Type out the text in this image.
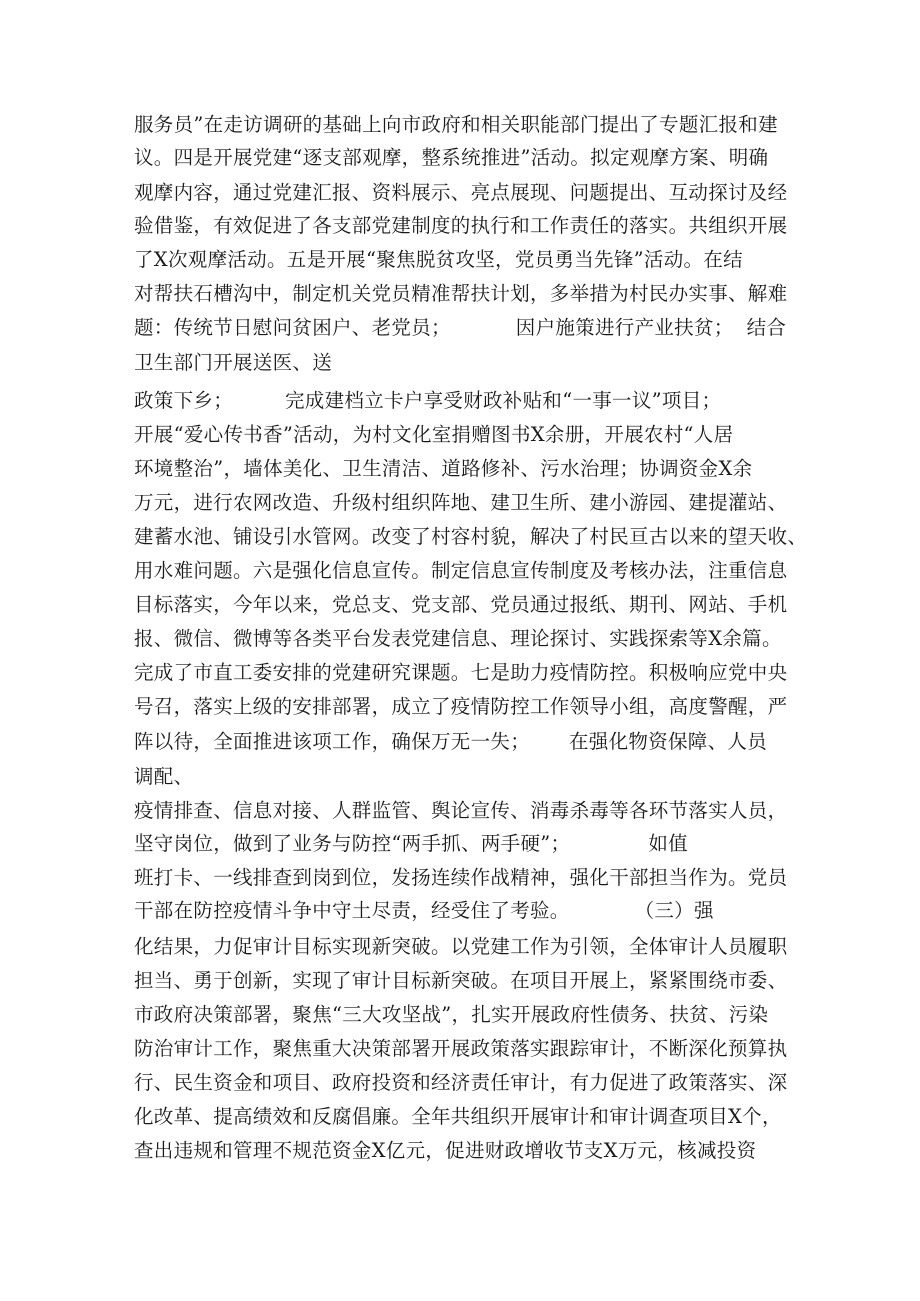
服务员”在走访调研的基础上向市政府和相关职能部门提出了专题汇报和建
议。四是开展党建“逐支部观摩，整系统推进”活动。拟定观摩方案、明确
观摩内容，通过党建汇报、资料展示、亮点展现、问题提出、互动探讨及经
验借鉴，有效促进了各支部党建制度的执行和工作责任的落实。共组织开展
了X次观摩活动。五是开展“聚焦脱贫攻坚，党员勇当先锋”活动。在结
对帮扶石槽沟中，制定机关党员精准帮扶计划，多举措为村民办实事、解难
题：传统节日慰问贫困户、老党员；          因户施策进行产业扶贫；  结合
卫生部门开展送医、送
政策下乡；        完成建档立卡户享受财政补贴和“一事一议”项目；
开展“爱心传书香”活动，为村文化室捐赠图书X余册，开展农村“人居
环境整治”，墙体美化、卫生清洁、道路修补、污水治理；协调资金X余
万元，进行农网改造、升级村组织阵地、建卫生所、建小游园、建提灌站、
建蓄水池、铺设引水管网。改变了村容村貌，解决了村民亘古以来的望天收、
用水难问题。六是强化信息宣传。制定信息宣传制度及考核办法，注重信息
目标落实，今年以来，党总支、党支部、党员通过报纸、期刊、网站、手机
报、微信、微博等各类平台发表党建信息、理论探讨、实践探索等X余篇。
完成了市直工委安排的党建研究课题。七是助力疫情防控。积极响应党中央
号召，落实上级的安排部署，成立了疫情防控工作领导小组，高度警醒，严
阵以待，全面推进该项工作，确保万无一失；      在强化物资保障、人员
调配、
疫情排查、信息对接、人群监管、舆论宣传、消毒杀毒等各环节落实人员，
坚守岗位，做到了业务与防控“两手抓、两手硬”；            如值
班打卡、一线排查到岗到位，发扬连续作战精神，强化干部担当作为。党员
干部在防控疫情斗争中守土尽责，经受住了考验。          （三）强
化结果，力促审计目标实现新突破。以党建工作为引领，全体审计人员履职
担当、勇于创新，实现了审计目标新突破。在项目开展上，紧紧围绕市委、
市政府决策部署，聚焦“三大攻坚战”，扎实开展政府性债务、扶贫、污染
防治审计工作，聚焦重大决策部署开展政策落实跟踪审计，不断深化预算执
行、民生资金和项目、政府投资和经济责任审计，有力促进了政策落实、深
化改革、提高绩效和反腐倡廉。全年共组织开展审计和审计调查项目X个，
查出违规和管理不规范资金X亿元，促进财政增收节支X万元，核减投资
